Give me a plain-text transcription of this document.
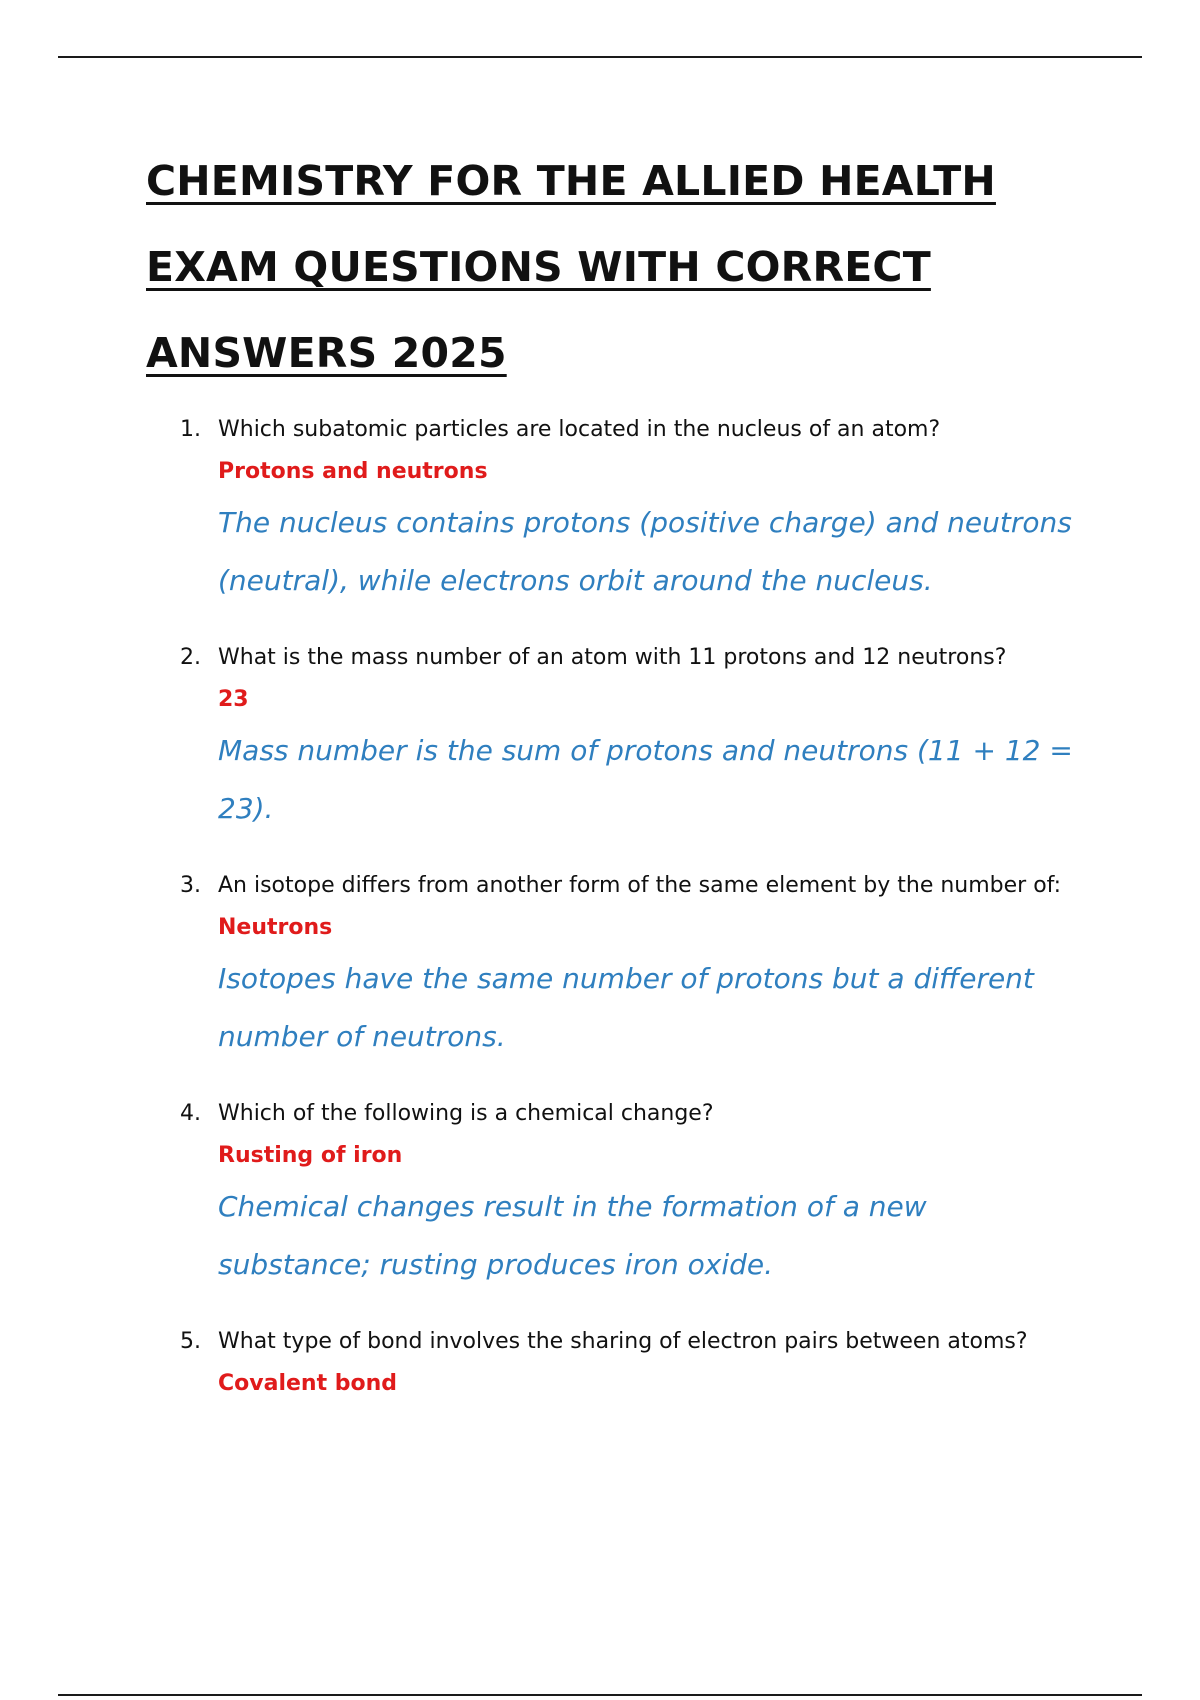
CHEMISTRY FOR THE ALLIED HEALTH
EXAM QUESTIONS WITH CORRECT
ANSWERS 2025
1. Which subatomic particles are located in the nucleus of an atom?
Protons and neutrons
The nucleus contains protons (positive charge) and neutrons (neutral), while electrons orbit around the nucleus.
2. What is the mass number of an atom with 11 protons and 12 neutrons?
23
Mass number is the sum of protons and neutrons (11 + 12 = 23).
3. An isotope differs from another form of the same element by the number of:
Neutrons
Isotopes have the same number of protons but a different number of neutrons.
4. Which of the following is a chemical change?
Rusting of iron
Chemical changes result in the formation of a new substance; rusting produces iron oxide.
5. What type of bond involves the sharing of electron pairs between atoms?
Covalent bond
